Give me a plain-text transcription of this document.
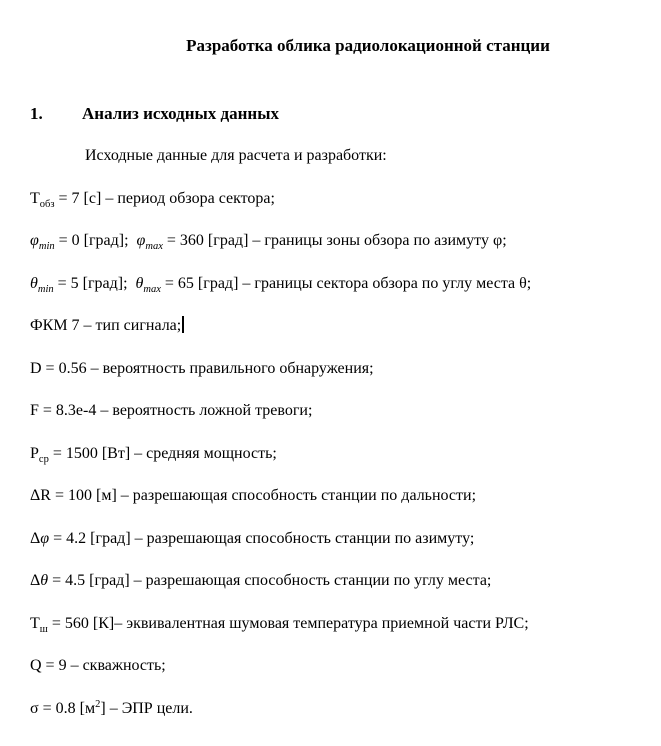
Разработка облика радиолокационной станции
1. Анализ исходных данных

Исходные данные для расчета и разработки:

$Т_{обз} = 7$ [с] – период обзора сектора;

$\varphi_{min} = 0$ [град];  $\varphi_{max} = 360$ [град] – границы зоны обзора по азимуту φ;

$\theta_{min} = 5$ [град];  $\theta_{max} = 65$ [град] – границы сектора обзора по углу места θ;

ФКМ 7 – тип сигнала;

D = 0.56 – вероятность правильного обнаружения;

F = 8.3e-4 – вероятность ложной тревоги;

$Р_{ср} = 1500$ [Вт] – средняя мощность;

ΔR = 100 [м] – разрешающая способность станции по дальности;

Δφ = 4.2 [град] – разрешающая способность станции по азимуту;

Δθ = 4.5 [град] – разрешающая способность станции по углу места;

$Т_ш = 560$ [К]– эквивалентная шумовая температура приемной части РЛС;

Q = 9 – скважность;

σ = 0.8 $[м^2]$ – ЭПР цели.
